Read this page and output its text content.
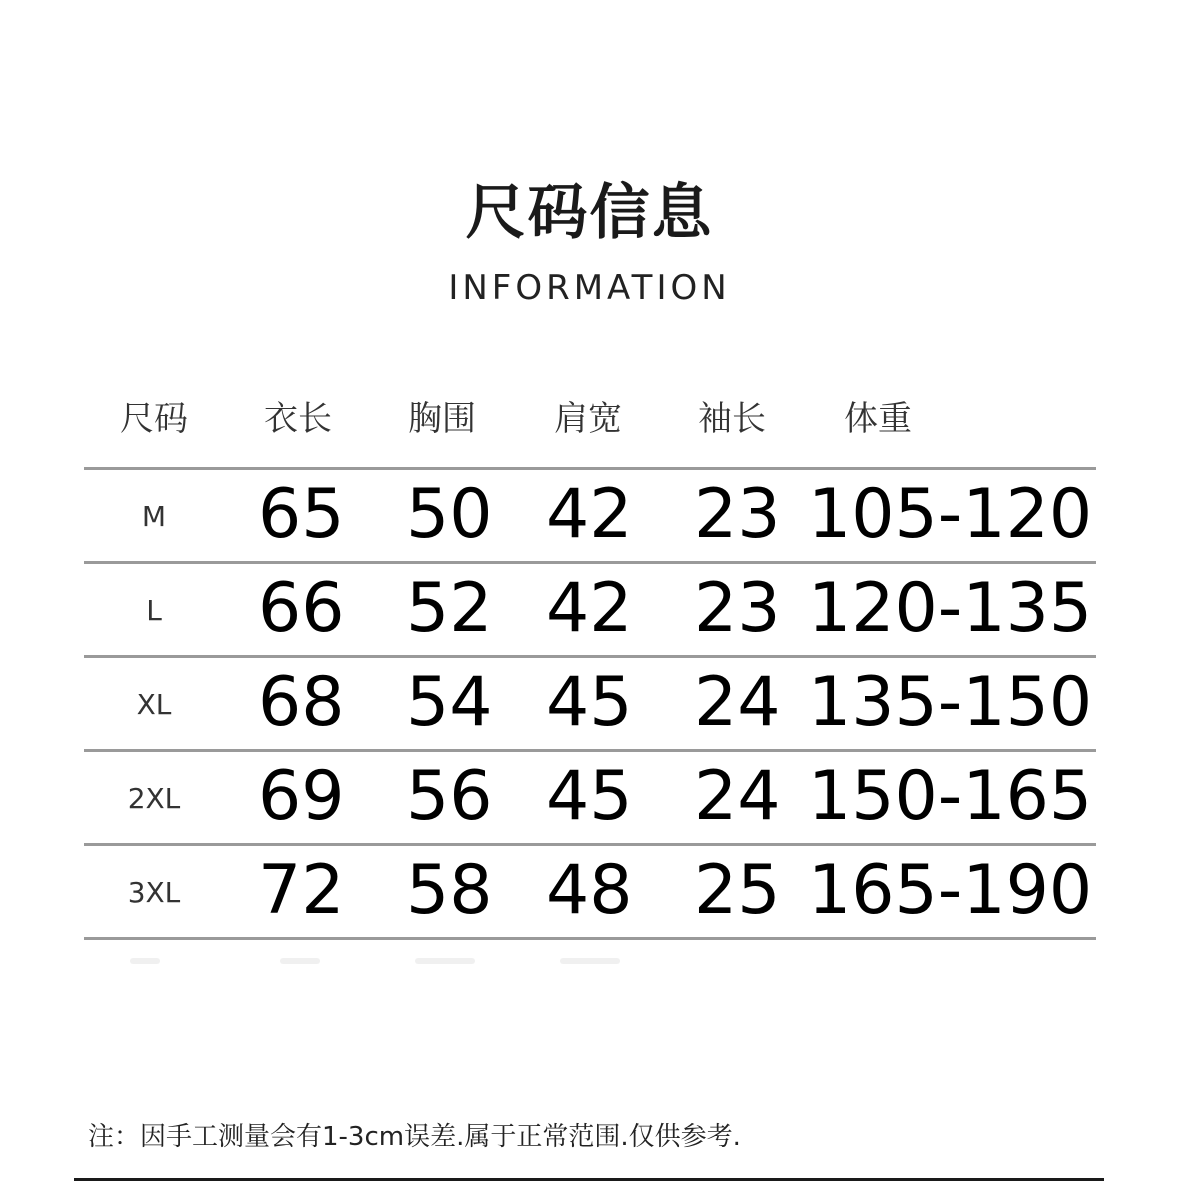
尺码信息
INFORMATION
尺码 衣长 胸围 肩宽 袖长 体重
M	65 50 42 23 105-120
L	66 52 42 23 120-135
XL	68 54 45 24 135-150
2XL	69 56 45 24 150-165
3XL	72 58 48 25 165-190
注：因手工测量会有1-3cm误差.属于正常范围.仅供参考.
